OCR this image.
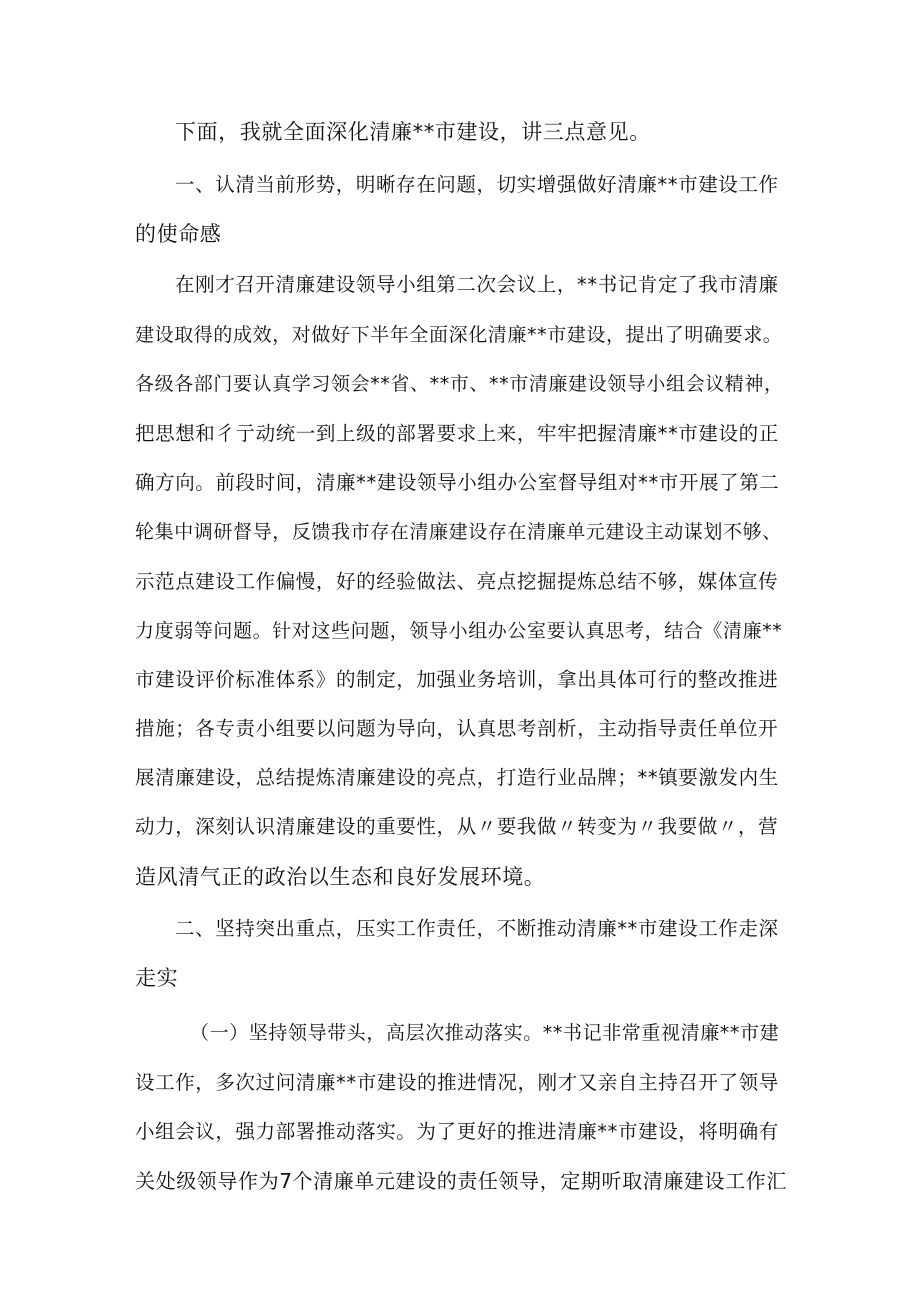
下面，我就全面深化清廉**市建设，讲三点意见。

一、认清当前形势，明晰存在问题，切实增强做好清廉**市建设工作

的使命感

在刚才召开清廉建设领导小组第二次会议上，**书记肯定了我市清廉

建设取得的成效，对做好下半年全面深化清廉**市建设，提出了明确要求。

各级各部门要认真学习领会**省、**市、**市清廉建设领导小组会议精神，

把思想和彳亍动统一到上级的部署要求上来，牢牢把握清廉**市建设的正

确方向。前段时间，清廉**建设领导小组办公室督导组对**市开展了第二

轮集中调研督导，反馈我市存在清廉建设存在清廉单元建设主动谋划不够、

示范点建设工作偏慢，好的经验做法、亮点挖掘提炼总结不够，媒体宣传

力度弱等问题。针对这些问题，领导小组办公室要认真思考，结合《清廉**

市建设评价标准体系》的制定，加强业务培训，拿出具体可行的整改推进

措施；各专责小组要以问题为导向，认真思考剖析，主动指导责任单位开

展清廉建设，总结提炼清廉建设的亮点，打造行业品牌；**镇要激发内生

动力，深刻认识清廉建设的重要性，从〃要我做〃转变为〃我要做〃，营

造风清气正的政治以生态和良好发展环境。

二、坚持突出重点，压实工作责任，不断推动清廉**市建设工作走深

走实

（一）坚持领导带头，高层次推动落实。**书记非常重视清廉**市建

设工作，多次过问清廉**市建设的推进情况，刚才又亲自主持召开了领导

小组会议，强力部署推动落实。为了更好的推进清廉**市建设，将明确有

关处级领导作为7个清廉单元建设的责任领导，定期听取清廉建设工作汇
